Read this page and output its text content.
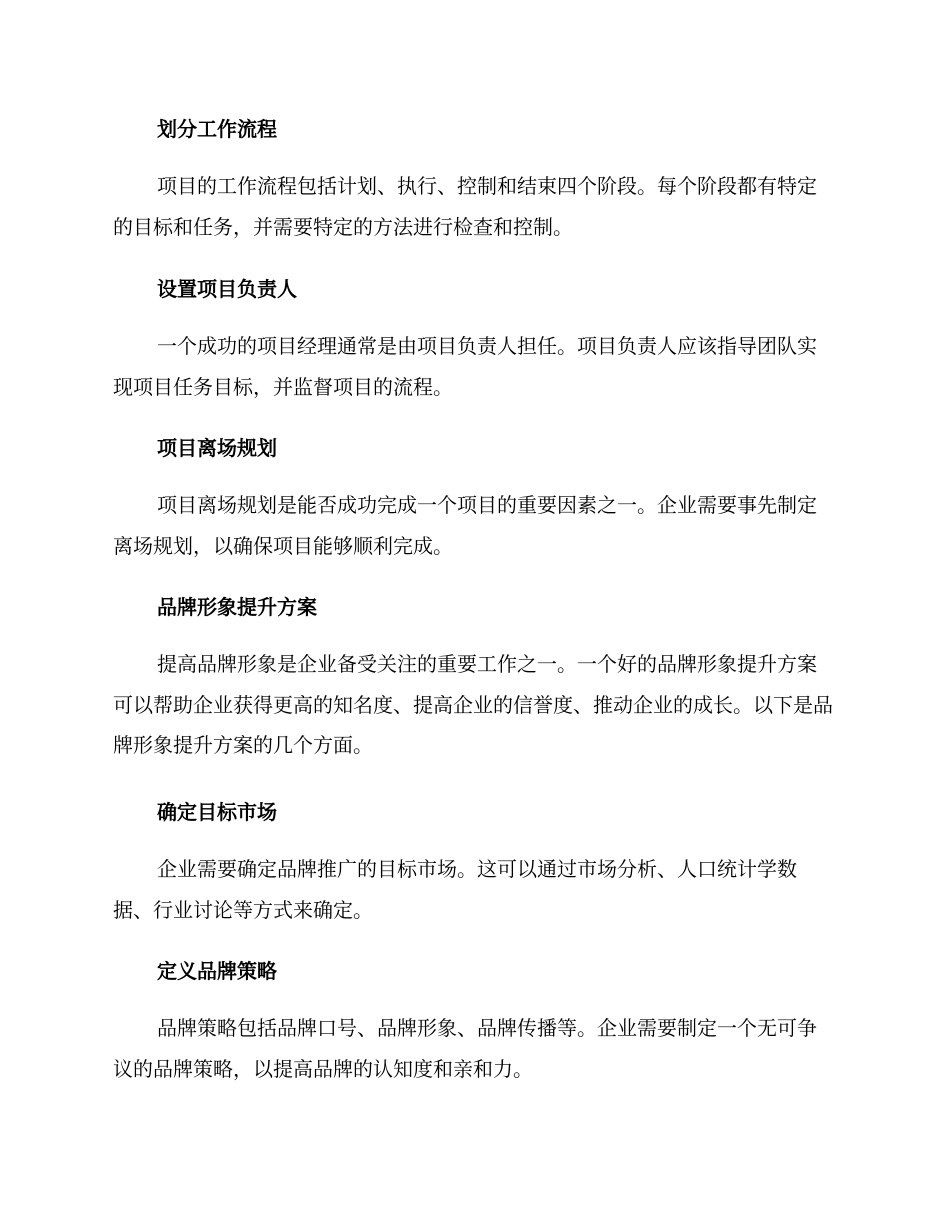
划分工作流程

项目的工作流程包括计划、执行、控制和结束四个阶段。每个阶段都有特定的目标和任务，并需要特定的方法进行检查和控制。

设置项目负责人

一个成功的项目经理通常是由项目负责人担任。项目负责人应该指导团队实现项目任务目标，并监督项目的流程。

项目离场规划

项目离场规划是能否成功完成一个项目的重要因素之一。企业需要事先制定离场规划，以确保项目能够顺利完成。

品牌形象提升方案

提高品牌形象是企业备受关注的重要工作之一。一个好的品牌形象提升方案可以帮助企业获得更高的知名度、提高企业的信誉度、推动企业的成长。以下是品牌形象提升方案的几个方面。

确定目标市场

企业需要确定品牌推广的目标市场。这可以通过市场分析、人口统计学数据、行业讨论等方式来确定。

定义品牌策略

品牌策略包括品牌口号、品牌形象、品牌传播等。企业需要制定一个无可争议的品牌策略，以提高品牌的认知度和亲和力。
